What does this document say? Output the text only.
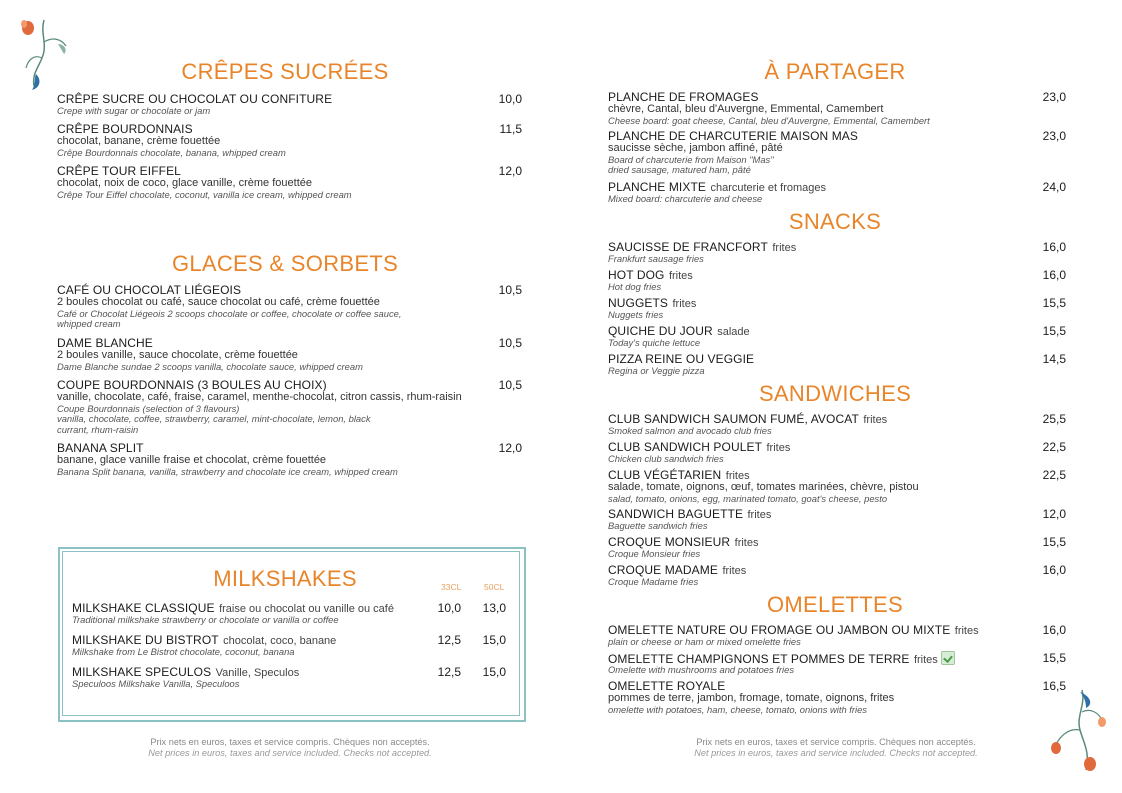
CRÊPES SUCRÉES
CRÊPE SUCRE OU CHOCOLAT OU CONFITURE	10,0
Crepe with sugar or chocolate or jam
CRÊPE BOURDONNAIS	11,5
chocolat, banane, crème fouettée
Crêpe Bourdonnais chocolate, banana, whipped cream
CRÊPE TOUR EIFFEL	12,0
chocolat, noix de coco, glace vanille, crème fouettée
Crêpe Tour Eiffel chocolate, coconut, vanilla ice cream, whipped cream
GLACES & SORBETS
CAFÉ OU CHOCOLAT LIÉGEOIS	10,5
2 boules chocolat ou café, sauce chocolat ou café, crème fouettée
Café or Chocolat Liégeois 2 scoops chocolate or coffee, chocolate or coffee sauce,
whipped cream
DAME BLANCHE	10,5
2 boules vanille, sauce chocolate, crème fouettée
Dame Blanche sundae 2 scoops vanilla, chocolate sauce, whipped cream
COUPE BOURDONNAIS (3 BOULES AU CHOIX)	10,5
vanille, chocolate, café, fraise, caramel, menthe-chocolat, citron cassis, rhum-raisin
Coupe Bourdonnais (selection of 3 flavours)
vanilla, chocolate, coffee, strawberry, caramel, mint-chocolate, lemon, black
currant, rhum-raisin
BANANA SPLIT	12,0
banane, glace vanille fraise et chocolat, crème fouettée
Banana Split banana, vanilla, strawberry and chocolate ice cream, whipped cream
MILKSHAKES	33CL	50CL
MILKSHAKE CLASSIQUE fraise ou chocolat ou vanille ou café	10,0 13,0
Traditional milkshake strawberry or chocolate or vanilla or coffee
MILKSHAKE DU BISTROT chocolat, coco, banane	12,5 15,0
Milkshake from Le Bistrot chocolate, coconut, banana
MILKSHAKE SPECULOS Vanille, Speculos	12,5 15,0
Speculoos Milkshake Vanilla, Speculoos
Prix nets en euros, taxes et service compris. Chèques non acceptés.
Net prices in euros, taxes and service included. Checks not accepted.
À PARTAGER
PLANCHE DE FROMAGES	23,0
chèvre, Cantal, bleu d'Auvergne, Emmental, Camembert
Cheese board: goat cheese, Cantal, bleu d'Auvergne, Emmental, Camembert
PLANCHE DE CHARCUTERIE MAISON MAS	23,0
saucisse sèche, jambon affiné, pâté
Board of charcuterie from Maison "Mas"
dried sausage, matured ham, pâté
PLANCHE MIXTE charcuterie et fromages	24,0
Mixed board: charcuterie and cheese
SNACKS
SAUCISSE DE FRANCFORT frites	16,0
Frankfurt sausage fries
HOT DOG frites	16,0
Hot dog fries
NUGGETS frites	15,5
Nuggets fries
QUICHE DU JOUR salade	15,5
Today's quiche lettuce
PIZZA REINE OU VEGGIE	14,5
Regina or Veggie pizza
SANDWICHES
CLUB SANDWICH SAUMON FUMÉ, AVOCAT frites	25,5
Smoked salmon and avocado club fries
CLUB SANDWICH POULET frites	22,5
Chicken club sandwich fries
CLUB VÉGÉTARIEN frites	22,5
salade, tomate, oignons, œuf, tomates marinées, chèvre, pistou
salad, tomato, onions, egg, marinated tomato, goat's cheese, pesto
SANDWICH BAGUETTE frites	12,0
Baguette sandwich fries
CROQUE MONSIEUR frites	15,5
Croque Monsieur fries
CROQUE MADAME frites	16,0
Croque Madame fries
OMELETTES
OMELETTE NATURE OU FROMAGE OU JAMBON OU MIXTE frites	16,0
plain or cheese or ham or mixed omelette fries
OMELETTE CHAMPIGNONS ET POMMES DE TERRE frites	15,5
Omelette with mushrooms and potatoes fries
OMELETTE ROYALE	16,5
pommes de terre, jambon, fromage, tomate, oignons, frites
omelette with potatoes, ham, cheese, tomato, onions with fries
Prix nets en euros, taxes et service compris. Chèques non acceptés.
Net prices in euros, taxes and service included. Checks not accepted.
